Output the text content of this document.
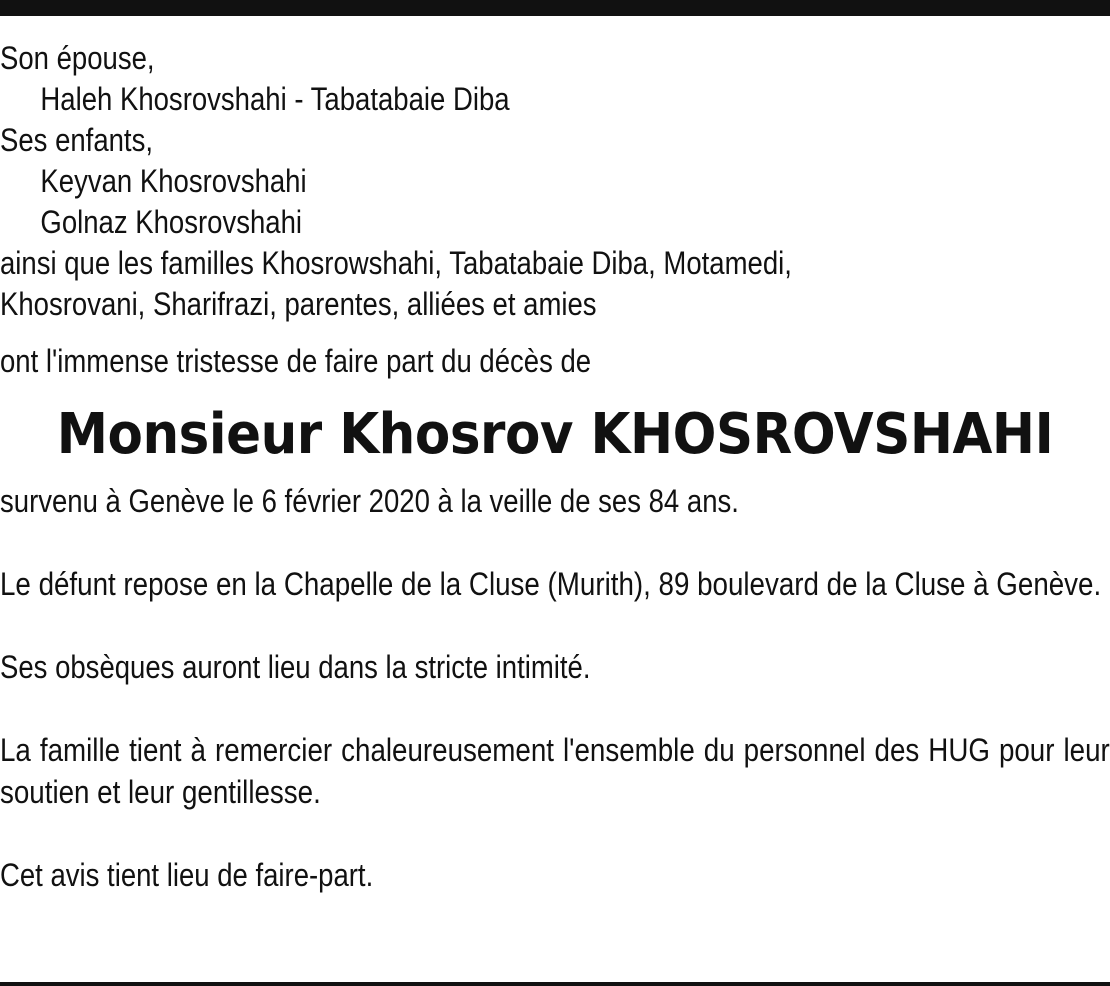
Son épouse,
Haleh Khosrovshahi - Tabatabaie Diba
Ses enfants,
Keyvan Khosrovshahi
Golnaz Khosrovshahi
ainsi que les familles Khosrowshahi, Tabatabaie Diba, Motamedi,
Khosrovani, Sharifrazi, parentes, alliées et amies
ont l'immense tristesse de faire part du décès de
Monsieur Khosrov KHOSROVSHAHI
survenu à Genève le 6 février 2020 à la veille de ses 84 ans.
Le défunt repose en la Chapelle de la Cluse (Murith), 89 boulevard de la Cluse à Genève.
Ses obsèques auront lieu dans la stricte intimité.
La famille tient à remercier chaleureusement l'ensemble du personnel des HUG pour leur soutien et leur gentillesse.
Cet avis tient lieu de faire-part.
